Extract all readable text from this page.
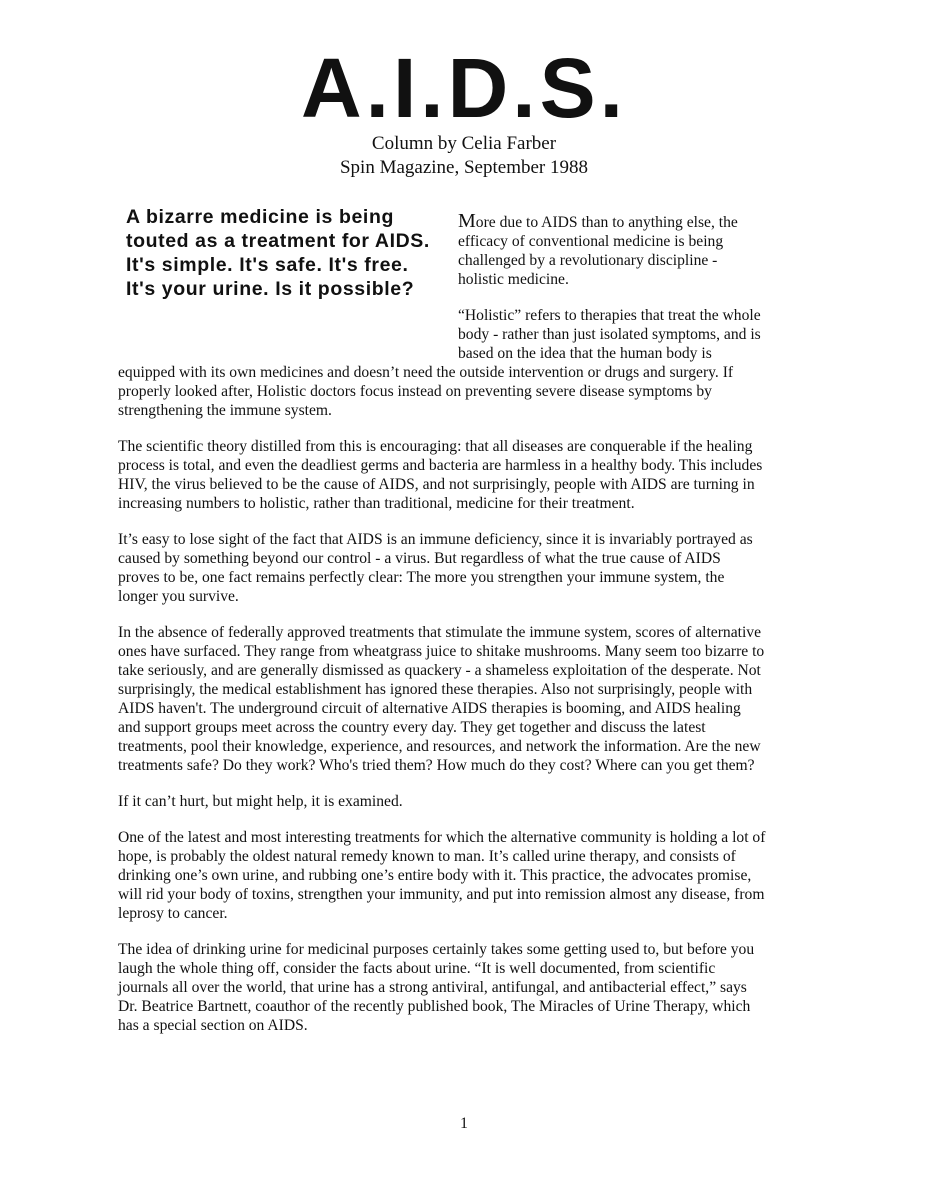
A.I.D.S.
Column by Celia Farber
Spin Magazine, September 1988
A bizarre medicine is being touted as a treatment for AIDS. It's simple. It's safe. It's free. It's your urine. Is it possible?

More due to AIDS than to anything else, the efficacy of conventional medicine is being challenged by a revolutionary discipline - holistic medicine.

“Holistic” refers to therapies that treat the whole body - rather than just isolated symptoms, and is based on the idea that the human body is equipped with its own medicines and doesn’t need the outside intervention or drugs and surgery. If properly looked after, Holistic doctors focus instead on preventing severe disease symptoms by strengthening the immune system.

The scientific theory distilled from this is encouraging: that all diseases are conquerable if the healing process is total, and even the deadliest germs and bacteria are harmless in a healthy body. This includes HIV, the virus believed to be the cause of AIDS, and not surprisingly, people with AIDS are turning in increasing numbers to holistic, rather than traditional, medicine for their treatment.

It’s easy to lose sight of the fact that AIDS is an immune deficiency, since it is invariably portrayed as caused by something beyond our control - a virus. But regardless of what the true cause of AIDS proves to be, one fact remains perfectly clear: The more you strengthen your immune system, the longer you survive.

In the absence of federally approved treatments that stimulate the immune system, scores of alternative ones have surfaced. They range from wheatgrass juice to shitake mushrooms. Many seem too bizarre to take seriously, and are generally dismissed as quackery - a shameless exploitation of the desperate. Not surprisingly, the medical establishment has ignored these therapies. Also not surprisingly, people with AIDS haven't. The underground circuit of alternative AIDS therapies is booming, and AIDS healing and support groups meet across the country every day. They get together and discuss the latest treatments, pool their knowledge, experience, and resources, and network the information. Are the new treatments safe? Do they work? Who's tried them? How much do they cost? Where can you get them?

If it can’t hurt, but might help, it is examined.

One of the latest and most interesting treatments for which the alternative community is holding a lot of hope, is probably the oldest natural remedy known to man. It’s called urine therapy, and consists of drinking one’s own urine, and rubbing one’s entire body with it. This practice, the advocates promise, will rid your body of toxins, strengthen your immunity, and put into remission almost any disease, from leprosy to cancer.

The idea of drinking urine for medicinal purposes certainly takes some getting used to, but before you laugh the whole thing off, consider the facts about urine. “It is well documented, from scientific journals all over the world, that urine has a strong antiviral, antifungal, and antibacterial effect,” says Dr. Beatrice Bartnett, coauthor of the recently published book, The Miracles of Urine Therapy, which has a special section on AIDS.

1
